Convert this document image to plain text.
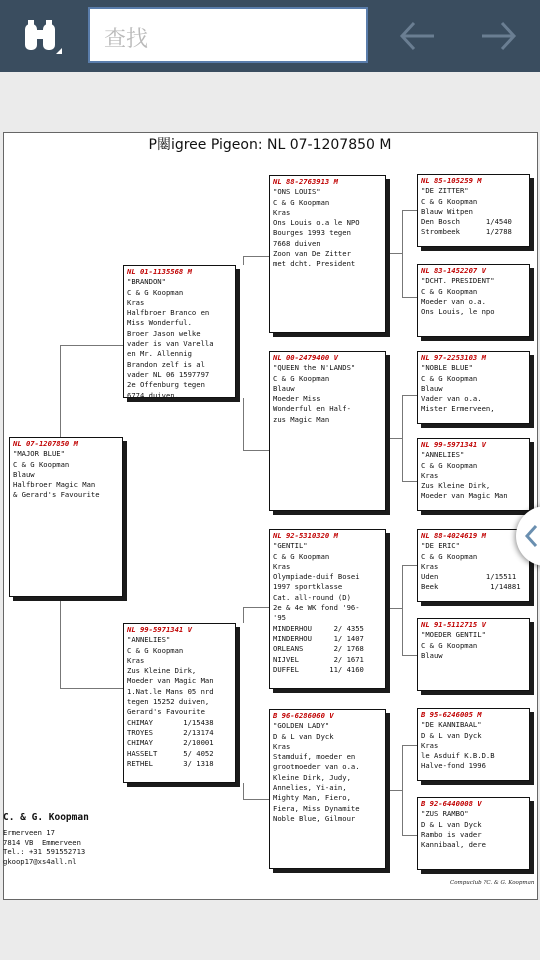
查找
P闂igree Pigeon: NL 07-1207850 M
NL 07-1207850 M
"MAJOR BLUE"
C & G Koopman
Blauw
Halfbroer Magic Man
& Gerard's Favourite
NL 01-1135568 M
"BRANDON"
C & G Koopman
Kras
Halfbroer Branco en
Miss Wonderful.
Broer Jason welke
vader is van Varella
en Mr. Allennig
Brandon zelf is al
vader NL 06 1597797
2e Offenburg tegen
6774 duiven.
NL 99-5971341 V
"ANNELIES"
C & G Koopman
Kras
Zus Kleine Dirk,
Moeder van Magic Man
1.Nat.le Mans 05 nrd
tegen 15252 duiven,
Gerard's Favourite
CHIMAY       1/15438
TROYES       2/13174
CHIMAY       2/10001
HASSELT      5/ 4052
RETHEL       3/ 1318
NL 88-2763913 M
"ONS LOUIS"
C & G Koopman
Kras
Ons Louis o.a le NPO
Bourges 1993 tegen
7668 duiven
Zoon van De Zitter
met dcht. President
NL 00-2479400 V
"QUEEN the N'LANDS"
C & G Koopman
Blauw
Moeder Miss
Wonderful en Half-
zus Magic Man
NL 92-5310320 M
"GENTIL"
C & G Koopman
Kras
Olympiade-duif Bosei
1997 sportklasse
Cat. all-round (D)
2e & 4e WK fond '96-
'95
MINDERHOU     2/ 4355
MINDERHOU     1/ 1407
ORLEANS       2/ 1768
NIJVEL        2/ 1671
DUFFEL       11/ 4160
B 96-6286060 V
"GOLDEN LADY"
D & L van Dyck
Kras
Stamduif, moeder en
grootmoeder van o.a.
Kleine Dirk, Judy,
Annelies, Yi-ain,
Mighty Man, Fiero,
Fiera, Miss Dynamite
Noble Blue, Gilmour
NL 85-105259 M
"DE ZITTER"
C & G Koopman
Blauw Witpen
Den Bosch      1/4540
Strombeek      1/2788
NL 83-1452207 V
"DCHT. PRESIDENT"
C & G Koopman
Moeder van o.a.
Ons Louis, le npo
NL 97-2253103 M
"NOBLE BLUE"
C & G Koopman
Blauw
Vader van o.a.
Mister Ermerveen,
NL 99-5971341 V
"ANNELIES"
C & G Koopman
Kras
Zus Kleine Dirk,
Moeder van Magic Man
NL 88-4024619 M
"DE ERIC"
C & G Koopman
Kras
Uden           1/15511
Beek            1/14881
NL 91-5112715 V
"MOEDER GENTIL"
C & G Koopman
Blauw
B 95-6246005 M
"DE KANNIBAAL"
D & L van Dyck
Kras
le Asduif K.B.D.B
Halve-fond 1996
B 92-6440008 V
"ZUS RAMBO"
D & L van Dyck
Rambo is vader
Kannibaal, dere
C. & G. Koopman
Ermerveen 17
7814 VB  Emmerveen
Tel.: +31 591552713
gkoop17@xs4all.nl
Compuclub ?C. & G. Koopman
